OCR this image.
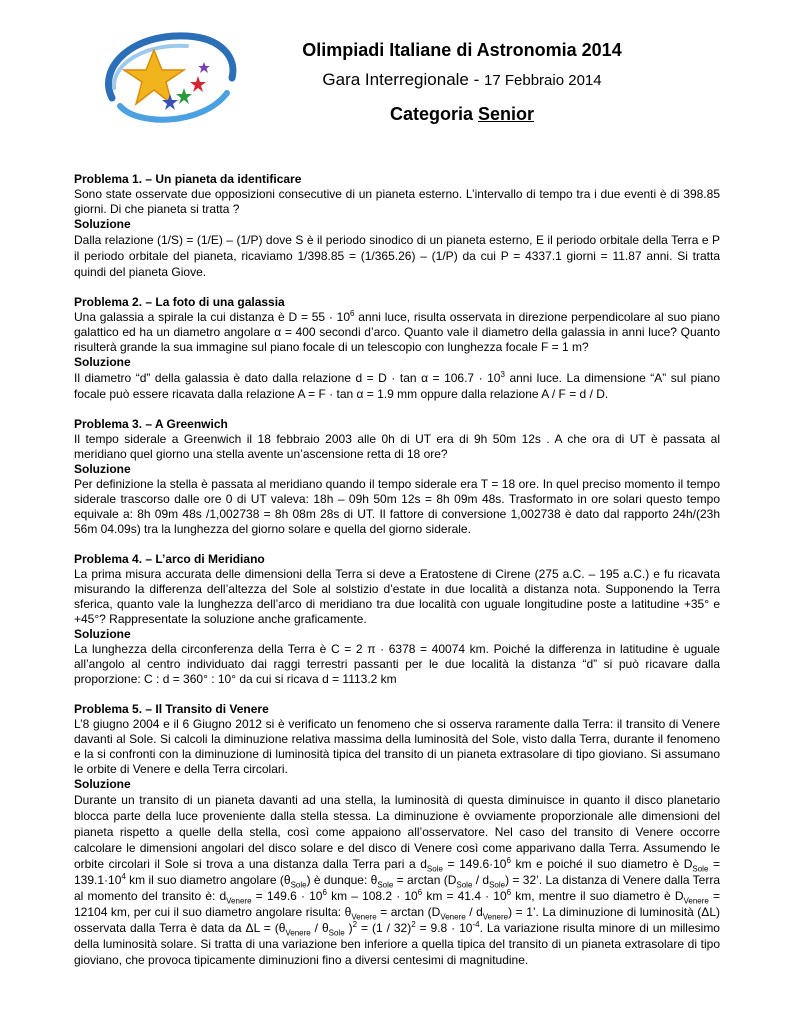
Olimpiadi Italiane di Astronomia 2014
Gara Interregionale - 17 Febbraio 2014
Categoria Senior
Problema 1. – Un pianeta da identificare

Sono state osservate due opposizioni consecutive di un pianeta esterno. L’intervallo di tempo tra i due eventi è di 398.85 giorni. Di che pianeta si tratta ?

Soluzione

Dalla relazione (1/S) = (1/E) – (1/P) dove S è il periodo sinodico di un pianeta esterno, E il periodo orbitale della Terra e P il periodo orbitale del pianeta, ricaviamo 1/398.85 = (1/365.26) – (1/P) da cui P = 4337.1 giorni = 11.87 anni. Si tratta quindi del pianeta Giove.

Problema 2. – La foto di una galassia

Una galassia a spirale la cui distanza è $D = 55 \cdot 10^6$ anni luce, risulta osservata in direzione perpendicolare al suo piano galattico ed ha un diametro angolare α = 400 secondi d’arco. Quanto vale il diametro della galassia in anni luce? Quanto risulterà grande la sua immagine sul piano focale di un telescopio con lunghezza focale F = 1 m?

Soluzione

Il diametro “d” della galassia è dato dalla relazione $d = D \cdot \tan \alpha = 106.7 \cdot 10^3$ anni luce. La dimensione “A” sul piano focale può essere ricavata dalla relazione A = F · tan α = 1.9 mm oppure dalla relazione A / F = d / D.

Problema 3. – A Greenwich

Il tempo siderale a Greenwich il 18 febbraio 2003 alle 0h di UT era di 9h 50m 12s . A che ora di UT è passata al meridiano quel giorno una stella avente un’ascensione retta di 18 ore?

Soluzione

Per definizione la stella è passata al meridiano quando il tempo siderale era T = 18 ore. In quel preciso momento il tempo siderale trascorso dalle ore 0 di UT valeva: 18h – 09h 50m 12s = 8h 09m 48s. Trasformato in ore solari questo tempo equivale a: 8h 09m 48s /1,002738 = 8h 08m 28s di UT. Il fattore di conversione 1,002738 è dato dal rapporto 24h/(23h 56m 04.09s) tra la lunghezza del giorno solare e quella del giorno siderale.

Problema 4. – L’arco di Meridiano

La prima misura accurata delle dimensioni della Terra si deve a Eratostene di Cirene (275 a.C. – 195 a.C.) e fu ricavata misurando la differenza dell’altezza del Sole al solstizio d’estate in due località a distanza nota. Supponendo la Terra sferica, quanto vale la lunghezza dell’arco di meridiano tra due località con uguale longitudine poste a latitudine +35° e +45°? Rappresentate la soluzione anche graficamente.

Soluzione

La lunghezza della circonferenza della Terra è C = 2 π · 6378 = 40074 km. Poiché la differenza in latitudine è uguale all’angolo al centro individuato dai raggi terrestri passanti per le due località la distanza “d” si può ricavare dalla proporzione: C : d = 360° : 10° da cui si ricava d = 1113.2 km

Problema 5. – Il Transito di Venere

L’8 giugno 2004 e il 6 Giugno 2012 si è verificato un fenomeno che si osserva raramente dalla Terra: il transito di Venere davanti al Sole. Si calcoli la diminuzione relativa massima della luminosità del Sole, visto dalla Terra, durante il fenomeno e la si confronti con la diminuzione di luminosità tipica del transito di un pianeta extrasolare di tipo gioviano. Si assumano le orbite di Venere e della Terra circolari.

Soluzione

Durante un transito di un pianeta davanti ad una stella, la luminosità di questa diminuisce in quanto il disco planetario blocca parte della luce proveniente dalla stella stessa. La diminuzione è ovviamente proporzionale alle dimensioni del pianeta rispetto a quelle della stella, così come appaiono all’osservatore. Nel caso del transito di Venere occorre calcolare le dimensioni angolari del disco solare e del disco di Venere così come apparivano dalla Terra. Assumendo le orbite circolari il Sole si trova a una distanza dalla Terra pari a $d_{Sole} = 149.6\cdot 10^6$ km e poiché il suo diametro è $D_{Sole} = 139.1\cdot 10^4$ km il suo diametro angolare $(\theta_{Sole})$ è dunque: $\theta_{Sole} = \arctan (D_{Sole} / d_{Sole}) = 32$’. La distanza di Venere dalla Terra al momento del transito è: $d_{Venere} = 149.6 \cdot 10^6$ km – $108.2 \cdot 10^6$ km = $41.4 \cdot 10^6$ km, mentre il suo diametro è $D_{Venere} = 12104$ km, per cui il suo diametro angolare risulta: $\theta_{Venere} = \arctan (D_{Venere} / d_{Venere}) = 1$’. La diminuzione di luminosità (ΔL) osservata dalla Terra è data da $\Delta L = (\theta_{Venere} / \theta_{Sole}$ )$^2 = (1 / 32)^2 = 9.8 \cdot 10^{-4}$. La variazione risulta minore di un millesimo della luminosità solare. Si tratta di una variazione ben inferiore a quella tipica del transito di un pianeta extrasolare di tipo gioviano, che provoca tipicamente diminuzioni fino a diversi centesimi di magnitudine.
